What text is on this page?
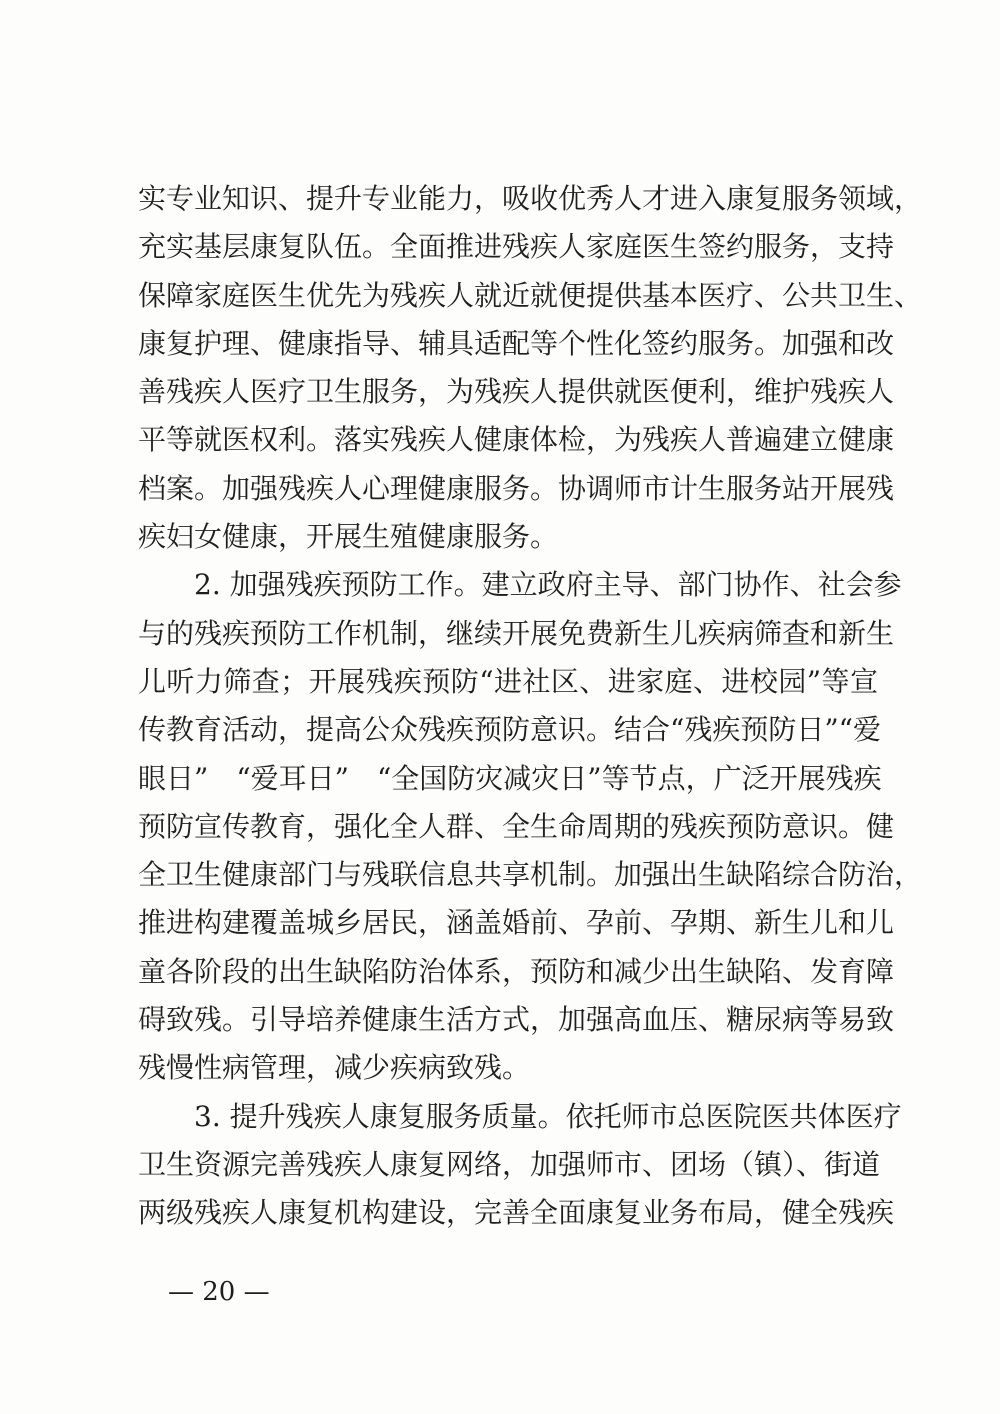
实专业知识、提升专业能力，吸收优秀人才进入康复服务领域，
充实基层康复队伍。全面推进残疾人家庭医生签约服务，支持
保障家庭医生优先为残疾人就近就便提供基本医疗、公共卫生、
康复护理、健康指导、辅具适配等个性化签约服务。加强和改
善残疾人医疗卫生服务，为残疾人提供就医便利，维护残疾人
平等就医权利。落实残疾人健康体检，为残疾人普遍建立健康
档案。加强残疾人心理健康服务。协调师市计生服务站开展残
疾妇女健康，开展生殖健康服务。
2. 加强残疾预防工作。建立政府主导、部门协作、社会参
与的残疾预防工作机制，继续开展免费新生儿疾病筛查和新生
儿听力筛查；开展残疾预防“进社区、进家庭、进校园”等宣
传教育活动，提高公众残疾预防意识。结合“残疾预防日”“爱
眼日”　“爱耳日”　“全国防灾减灾日”等节点，广泛开展残疾
预防宣传教育，强化全人群、全生命周期的残疾预防意识。健
全卫生健康部门与残联信息共享机制。加强出生缺陷综合防治，
推进构建覆盖城乡居民，涵盖婚前、孕前、孕期、新生儿和儿
童各阶段的出生缺陷防治体系，预防和减少出生缺陷、发育障
碍致残。引导培养健康生活方式，加强高血压、糖尿病等易致
残慢性病管理，减少疾病致残。
3. 提升残疾人康复服务质量。依托师市总医院医共体医疗
卫生资源完善残疾人康复网络，加强师市、团场（镇）、街道
两级残疾人康复机构建设，完善全面康复业务布局，健全残疾
— 20 —
